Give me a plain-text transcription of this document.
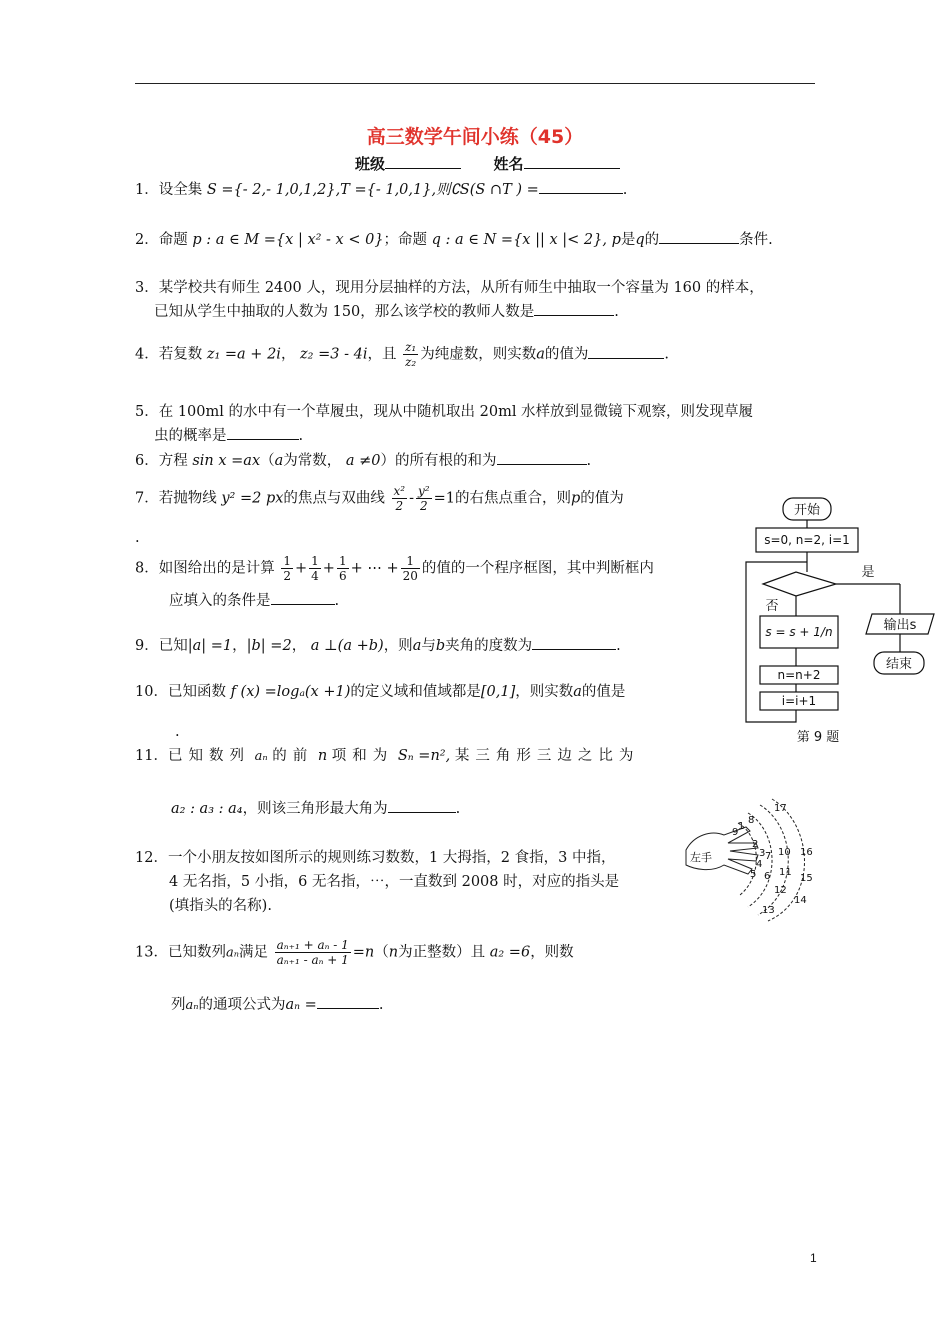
高三数学午间小练（45）
班级	姓名
1．设全集 S ={- 2,- 1,0,1,2},T ={- 1,0,1},则∁S(S ∩T ) =	.
2．命题 p : a ∈ M ={x | x² - x < 0}；命题 q : a ∈ N ={x || x |< 2}, p是q的	条件.
3．某学校共有师生 2400 人，现用分层抽样的方法，从所有师生中抽取一个容量为 160 的样本，
已知从学生中抽取的人数为 150，那么该学校的教师人数是	.
4．若复数 z₁ =a + 2i， z₂ =3 - 4i，且 $\frac{\text{z₁}}{\text{z₂}}$ 为纯虚数，则实数a的值为	.
5．在 100ml 的水中有一个草履虫，现从中随机取出 20ml 水样放到显微镜下观察，则发现草履
虫的概率是	.
6．方程 sin x =ax（a为常数， a ≠0）的所有根的和为	.
7．若抛物线 y² =2 px的焦点与双曲线 $\frac{\text{x²}}{2} - \frac{\text{y²}}{2} =1$的右焦点重合，则p的值为
.
8．如图给出的是计算 $\frac{1}{2} + \frac{1}{4} + \frac{1}{6}$ + ⋯ + $\frac{1}{20}$ 的值的一个程序框图，其中判断框内
应填入的条件是	.
9．已知|a| =1，|b| =2， a ⊥(a +b)，则a与b夹角的度数为	.
10．已知函数 f (x) =logₐ(x +1)的定义域和值域都是[0,1]，则实数a的值是
.
11．已知数列 aₙ 的前 n 项和为 Sₙ =n², 某三角形三边之比为
a₂ : a₃ : a₄，则该三角形最大角为	.
12．一个小朋友按如图所示的规则练习数数，1 大拇指，2 食指，3 中指，
4 无名指，5 小指，6 无名指，⋯，一直数到 2008 时，对应的指头是
(填指头的名称).
13．已知数列aₙ满足 $\frac{\text{aₙ₊₁ + aₙ - 1}}{\text{aₙ₊₁ - aₙ + 1}} =n(n$为正整数）且 a₂ =6，则数
列aₙ的通项公式为aₙ =	.
开始
s=0, n=2, i=1
是
否
s = s + 1/n	输出s
结束
n=n+2
i=i+1
第 9 题
左手
1
2
3
4
5 6
7
8
9
10
11
12
13
14
15
16
17
1
